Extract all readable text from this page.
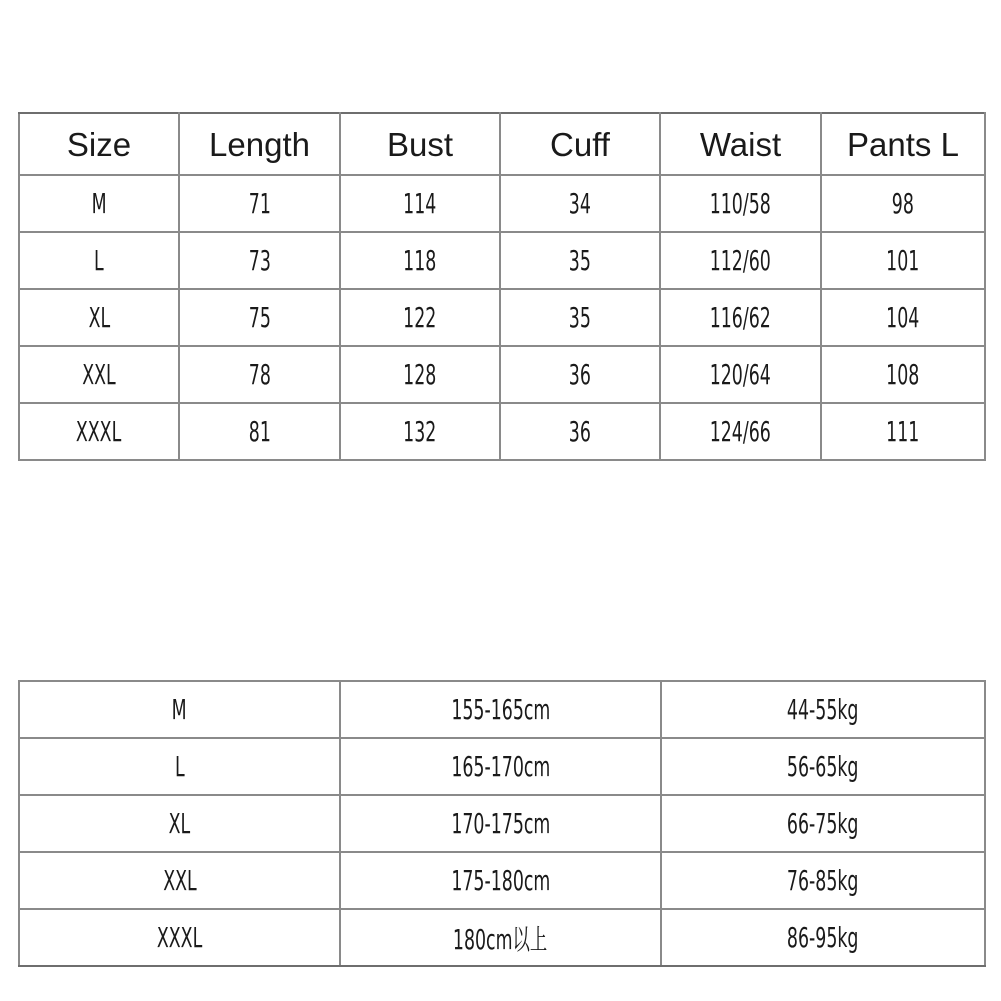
Size	Length	Bust	Cuff	Waist	Pants L
M	71	114	34	110/58	98
L	73	118	35	112/60	101
XL	75	122	35	116/62	104
XXL	78	128	36	120/64	108
XXXL	81	132	36	124/66	111
M	155-165cm	44-55kg
L	165-170cm	56-65kg
XL	170-175cm	66-75kg
XXL	175-180cm	76-85kg
XXXL	180cm以上	86-95kg
